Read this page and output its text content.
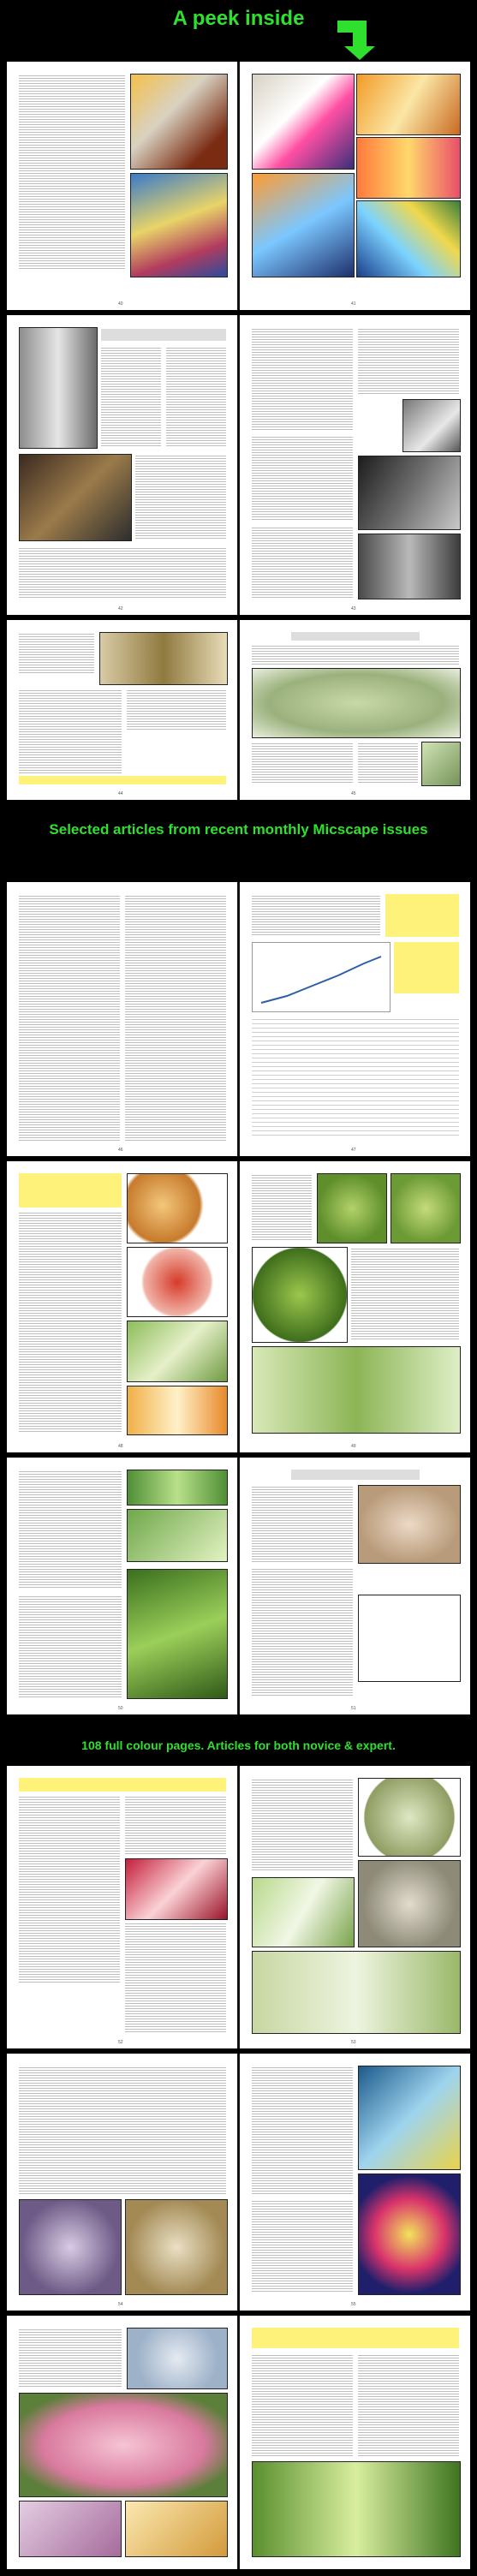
A peek inside
40	41
42	43
44	45
Selected articles from recent monthly Micscape issues
46	47
48	49
50	51
108 full colour pages. Articles for both novice & expert.
52	53
54	55
